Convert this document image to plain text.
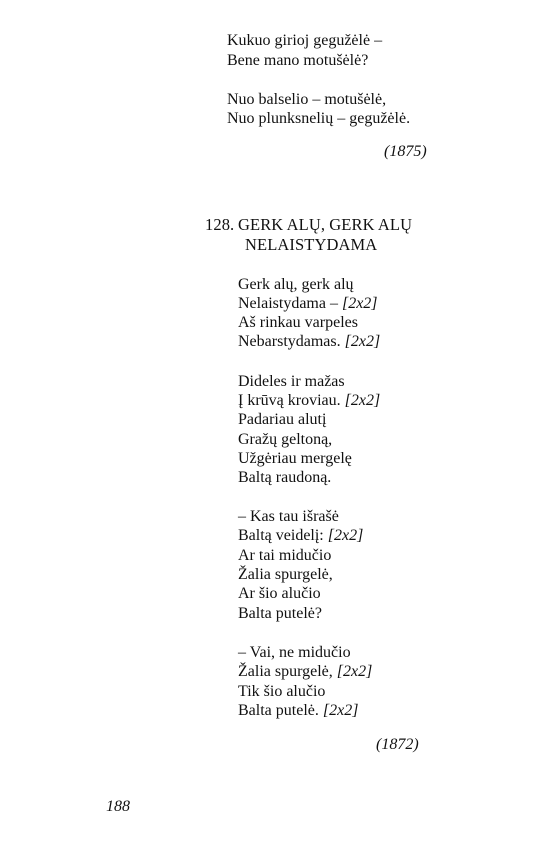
Kukuo girioj gegužėlė –
Bene mano motušėlė?
Nuo balselio – motušėlė,
Nuo plunksnelių – gegužėlė.
(1875)
128. GERK ALŲ, GERK ALŲ
NELAISTYDAMA
Gerk alų, gerk alų
Nelaistydama – [2x2]
Aš rinkau varpeles
Nebarstydamas. [2x2]
Dideles ir mažas
Į krūvą kroviau. [2x2]
Padariau alutį
Gražų geltoną,
Užgėriau mergelę
Baltą raudoną.
– Kas tau išrašė
Baltą veidelį: [2x2]
Ar tai midučio
Žalia spurgelė,
Ar šio alučio
Balta putelė?
– Vai, ne midučio
Žalia spurgelė, [2x2]
Tik šio alučio
Balta putelė. [2x2]
(1872)
188
